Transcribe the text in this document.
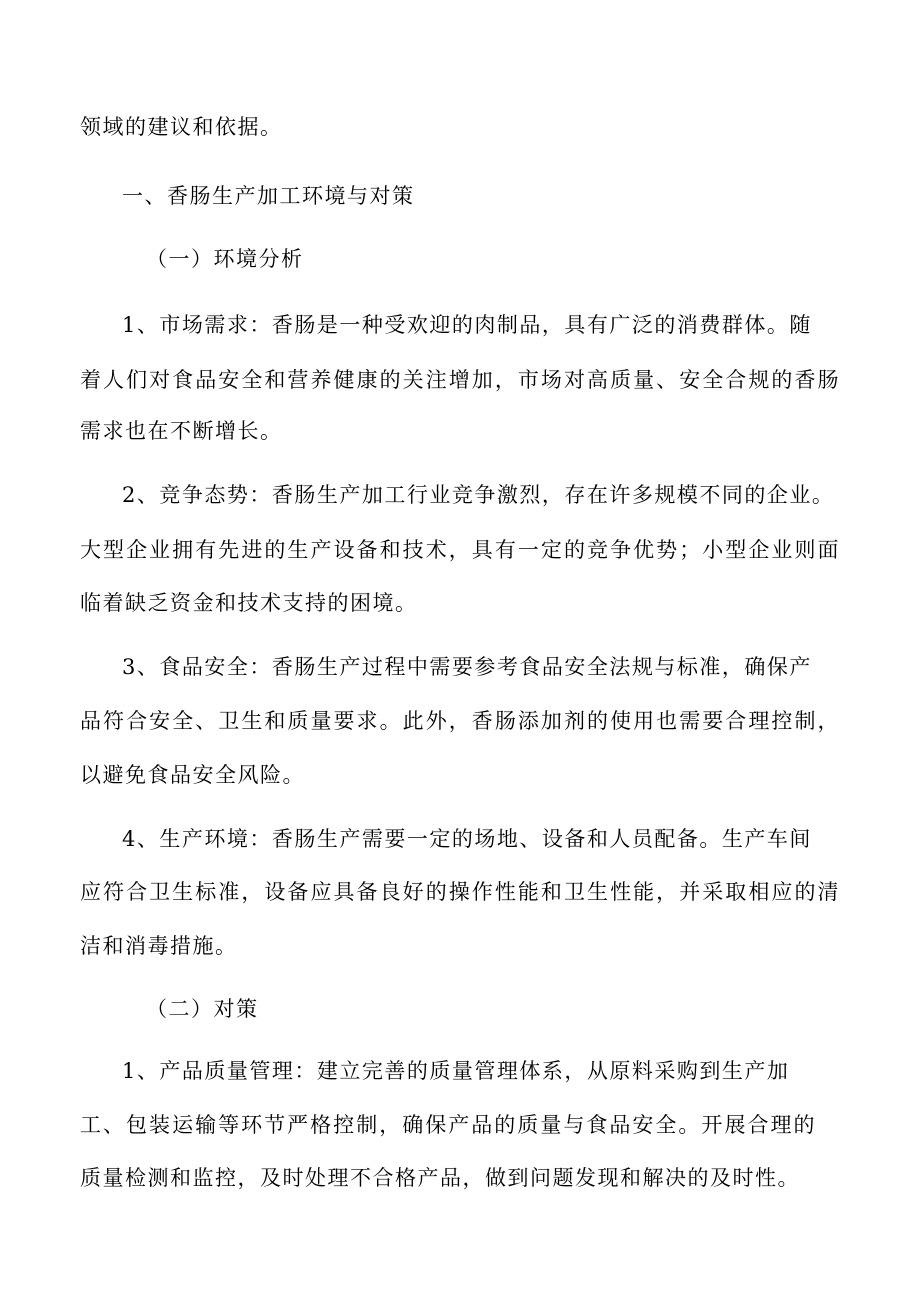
领域的建议和依据。

一、香肠生产加工环境与对策

（一）环境分析

1、市场需求：香肠是一种受欢迎的肉制品，具有广泛的消费群体。随

着人们对食品安全和营养健康的关注增加，市场对高质量、安全合规的香肠

需求也在不断增长。

2、竞争态势：香肠生产加工行业竞争激烈，存在许多规模不同的企业。

大型企业拥有先进的生产设备和技术，具有一定的竞争优势；小型企业则面

临着缺乏资金和技术支持的困境。

3、食品安全：香肠生产过程中需要参考食品安全法规与标准，确保产

品符合安全、卫生和质量要求。此外，香肠添加剂的使用也需要合理控制，

以避免食品安全风险。

4、生产环境：香肠生产需要一定的场地、设备和人员配备。生产车间

应符合卫生标准，设备应具备良好的操作性能和卫生性能，并采取相应的清

洁和消毒措施。

（二）对策

1、产品质量管理：建立完善的质量管理体系，从原料采购到生产加

工、包装运输等环节严格控制，确保产品的质量与食品安全。开展合理的

质量检测和监控，及时处理不合格产品，做到问题发现和解决的及时性。
